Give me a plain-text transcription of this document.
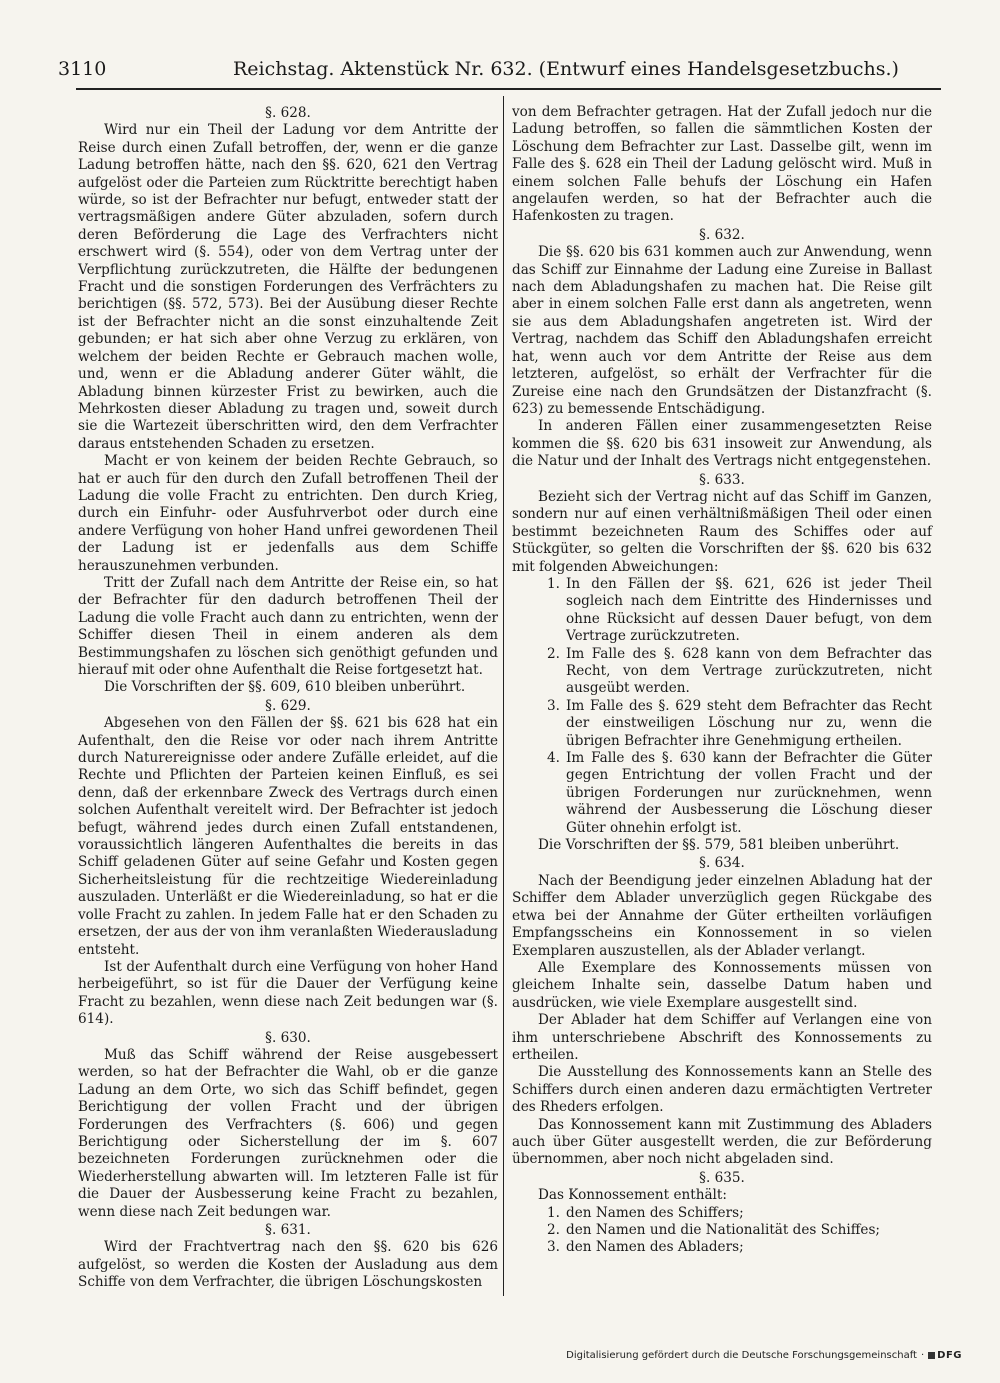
3110	Reichstag. Aktenstück Nr. 632. (Entwurf eines Handelsgesetzbuchs.)
§. 628.

Wird nur ein Theil der Ladung vor dem Antritte der Reise durch einen Zufall betroffen, der, wenn er die ganze Ladung betroffen hätte, nach den §§. 620, 621 den Vertrag aufgelöst oder die Parteien zum Rücktritte berechtigt haben würde, so ist der Befrachter nur befugt, entweder statt der vertragsmäßigen andere Güter abzuladen, sofern durch deren Beförderung die Lage des Verfrachters nicht erschwert wird (§. 554), oder von dem Vertrag unter der Verpflichtung zurückzutreten, die Hälfte der bedungenen Fracht und die sonstigen Forderungen des Verfrächters zu berichtigen (§§. 572, 573). Bei der Ausübung dieser Rechte ist der Befrachter nicht an die sonst einzuhaltende Zeit gebunden; er hat sich aber ohne Verzug zu erklären, von welchem der beiden Rechte er Gebrauch machen wolle, und, wenn er die Abladung anderer Güter wählt, die Abladung binnen kürzester Frist zu bewirken, auch die Mehrkosten dieser Abladung zu tragen und, soweit durch sie die Wartezeit überschritten wird, den dem Verfrachter daraus entstehenden Schaden zu ersetzen.

Macht er von keinem der beiden Rechte Gebrauch, so hat er auch für den durch den Zufall betroffenen Theil der Ladung die volle Fracht zu entrichten. Den durch Krieg, durch ein Einfuhr- oder Ausfuhrverbot oder durch eine andere Verfügung von hoher Hand unfrei gewordenen Theil der Ladung ist er jedenfalls aus dem Schiffe herauszunehmen verbunden.

Tritt der Zufall nach dem Antritte der Reise ein, so hat der Befrachter für den dadurch betroffenen Theil der Ladung die volle Fracht auch dann zu entrichten, wenn der Schiffer diesen Theil in einem anderen als dem Bestimmungshafen zu löschen sich genöthigt gefunden und hierauf mit oder ohne Aufenthalt die Reise fortgesetzt hat.

Die Vorschriften der §§. 609, 610 bleiben unberührt.

§. 629.

Abgesehen von den Fällen der §§. 621 bis 628 hat ein Aufenthalt, den die Reise vor oder nach ihrem Antritte durch Naturereignisse oder andere Zufälle erleidet, auf die Rechte und Pflichten der Parteien keinen Einfluß, es sei denn, daß der erkennbare Zweck des Vertrags durch einen solchen Aufenthalt vereitelt wird. Der Befrachter ist jedoch befugt, während jedes durch einen Zufall entstandenen, voraussichtlich längeren Aufenthaltes die bereits in das Schiff geladenen Güter auf seine Gefahr und Kosten gegen Sicherheitsleistung für die rechtzeitige Wiedereinladung auszuladen. Unterläßt er die Wiedereinladung, so hat er die volle Fracht zu zahlen. In jedem Falle hat er den Schaden zu ersetzen, der aus der von ihm veranlaßten Wiederausladung entsteht.

Ist der Aufenthalt durch eine Verfügung von hoher Hand herbeigeführt, so ist für die Dauer der Verfügung keine Fracht zu bezahlen, wenn diese nach Zeit bedungen war (§. 614).

§. 630.

Muß das Schiff während der Reise ausgebessert werden, so hat der Befrachter die Wahl, ob er die ganze Ladung an dem Orte, wo sich das Schiff befindet, gegen Berichtigung der vollen Fracht und der übrigen Forderungen des Verfrachters (§. 606) und gegen Berichtigung oder Sicherstellung der im §. 607 bezeichneten Forderungen zurücknehmen oder die Wiederherstellung abwarten will. Im letzteren Falle ist für die Dauer der Ausbesserung keine Fracht zu bezahlen, wenn diese nach Zeit bedungen war.

§. 631.

Wird der Frachtvertrag nach den §§. 620 bis 626 aufgelöst, so werden die Kosten der Ausladung aus dem Schiffe von dem Verfrachter, die übrigen Löschungskosten

von dem Befrachter getragen. Hat der Zufall jedoch nur die Ladung betroffen, so fallen die sämmtlichen Kosten der Löschung dem Befrachter zur Last. Dasselbe gilt, wenn im Falle des §. 628 ein Theil der Ladung gelöscht wird. Muß in einem solchen Falle behufs der Löschung ein Hafen angelaufen werden, so hat der Befrachter auch die Hafenkosten zu tragen.

§. 632.

Die §§. 620 bis 631 kommen auch zur Anwendung, wenn das Schiff zur Einnahme der Ladung eine Zureise in Ballast nach dem Abladungshafen zu machen hat. Die Reise gilt aber in einem solchen Falle erst dann als angetreten, wenn sie aus dem Abladungshafen angetreten ist. Wird der Vertrag, nachdem das Schiff den Abladungshafen erreicht hat, wenn auch vor dem Antritte der Reise aus dem letzteren, aufgelöst, so erhält der Verfrachter für die Zureise eine nach den Grundsätzen der Distanzfracht (§. 623) zu bemessende Entschädigung.

In anderen Fällen einer zusammengesetzten Reise kommen die §§. 620 bis 631 insoweit zur Anwendung, als die Natur und der Inhalt des Vertrags nicht entgegenstehen.

§. 633.

Bezieht sich der Vertrag nicht auf das Schiff im Ganzen, sondern nur auf einen verhältnißmäßigen Theil oder einen bestimmt bezeichneten Raum des Schiffes oder auf Stückgüter, so gelten die Vorschriften der §§. 620 bis 632 mit folgenden Abweichungen:

1. In den Fällen der §§. 621, 626 ist jeder Theil sogleich nach dem Eintritte des Hindernisses und ohne Rücksicht auf dessen Dauer befugt, von dem Vertrage zurückzutreten.
2. Im Falle des §. 628 kann von dem Befrachter das Recht, von dem Vertrage zurückzutreten, nicht ausgeübt werden.
3. Im Falle des §. 629 steht dem Befrachter das Recht der einstweiligen Löschung nur zu, wenn die übrigen Befrachter ihre Genehmigung ertheilen.
4. Im Falle des §. 630 kann der Befrachter die Güter gegen Entrichtung der vollen Fracht und der übrigen Forderungen nur zurücknehmen, wenn während der Ausbesserung die Löschung dieser Güter ohnehin erfolgt ist.

Die Vorschriften der §§. 579, 581 bleiben unberührt.

§. 634.

Nach der Beendigung jeder einzelnen Abladung hat der Schiffer dem Ablader unverzüglich gegen Rückgabe des etwa bei der Annahme der Güter ertheilten vorläufigen Empfangsscheins ein Konnossement in so vielen Exemplaren auszustellen, als der Ablader verlangt.

Alle Exemplare des Konnossements müssen von gleichem Inhalte sein, dasselbe Datum haben und ausdrücken, wie viele Exemplare ausgestellt sind.

Der Ablader hat dem Schiffer auf Verlangen eine von ihm unterschriebene Abschrift des Konnossements zu ertheilen.

Die Ausstellung des Konnossements kann an Stelle des Schiffers durch einen anderen dazu ermächtigten Vertreter des Rheders erfolgen.

Das Konnossement kann mit Zustimmung des Abladers auch über Güter ausgestellt werden, die zur Beförderung übernommen, aber noch nicht abgeladen sind.

§. 635.

Das Konnossement enthält:

1. den Namen des Schiffers;
2. den Namen und die Nationalität des Schiffes;
3. den Namen des Abladers;
Digitalisierung gefördert durch die Deutsche Forschungsgemeinschaft · DFG
